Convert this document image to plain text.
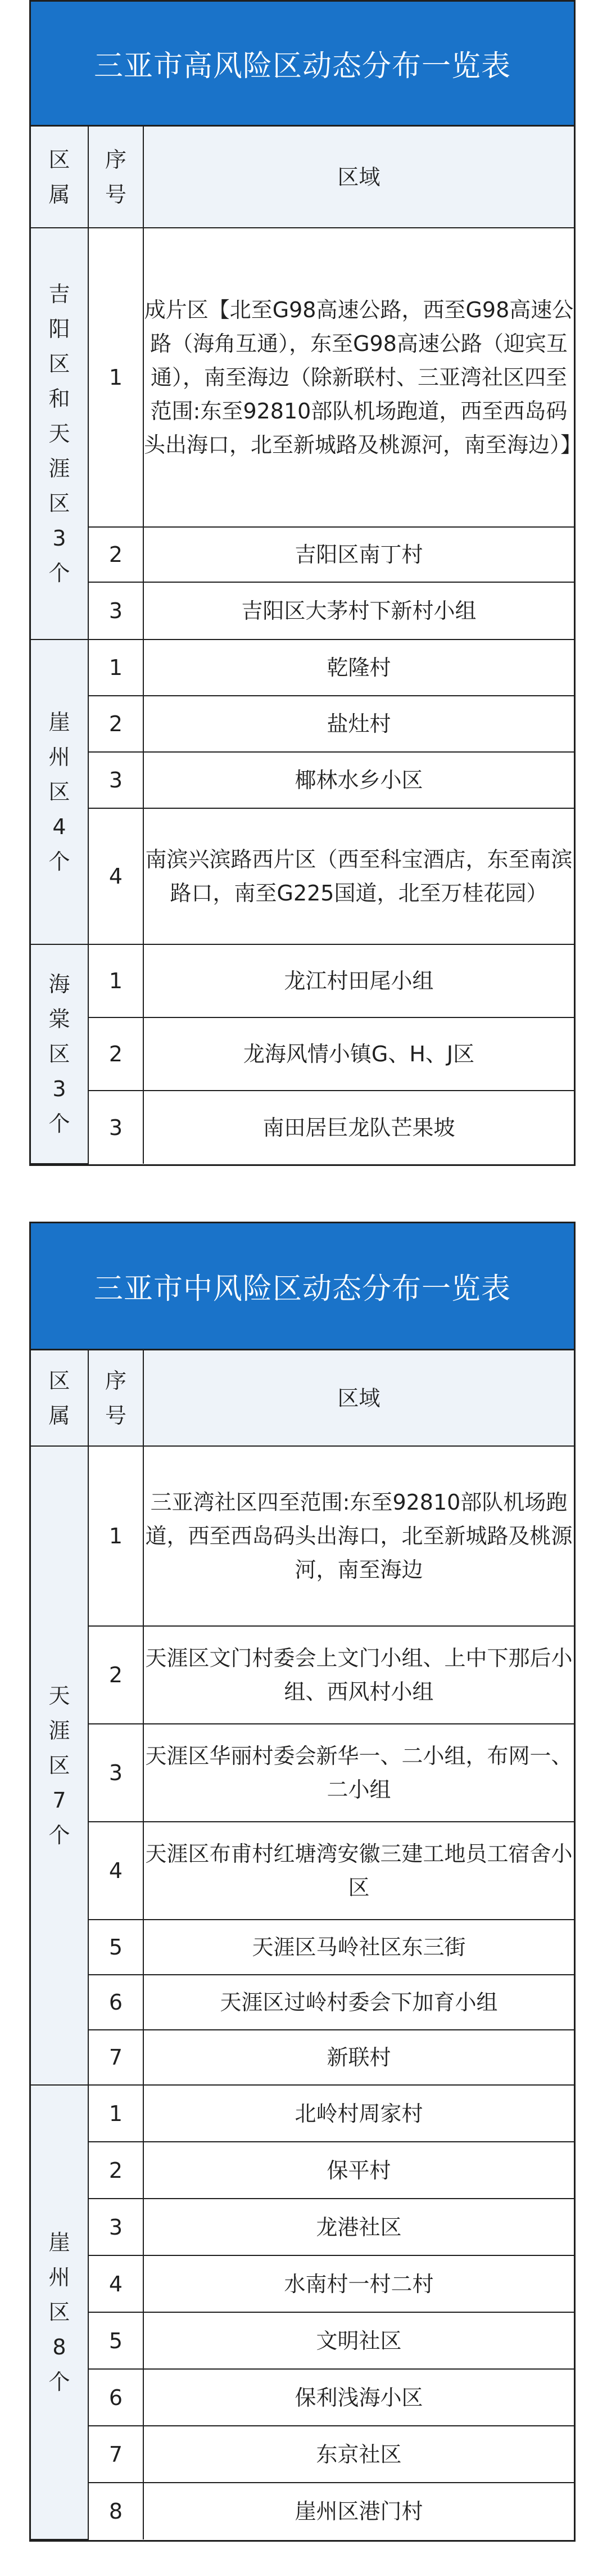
三亚市高风险区动态分布一览表
区属	序号	区域
吉阳区和天涯区3个	1	成片区【北至G98高速公路，西至G98高速公路（海角互通），东至G98高速公路（迎宾互通），南至海边（除新联村、三亚湾社区四至范围:东至92810部队机场跑道，西至西岛码头出海口，北至新城路及桃源河，南至海边）】
	2	吉阳区南丁村
	3	吉阳区大茅村下新村小组
崖州区4个	1	乾隆村
	2	盐灶村
	3	椰林水乡小区
	4	南滨兴滨路西片区（西至科宝酒店，东至南滨路口，南至G225国道，北至万桂花园）
海棠区3个	1	龙江村田尾小组
	2	龙海风情小镇G、H、J区
	3	南田居巨龙队芒果坡
三亚市中风险区动态分布一览表
区属	序号	区域
天涯区7个	1	三亚湾社区四至范围:东至92810部队机场跑道，西至西岛码头出海口，北至新城路及桃源河，南至海边
	2	天涯区文门村委会上文门小组、上中下那后小组、西风村小组
	3	天涯区华丽村委会新华一、二小组，布网一、二小组
	4	天涯区布甫村红塘湾安徽三建工地员工宿舍小区
	5	天涯区马岭社区东三街
	6	天涯区过岭村委会下加育小组
	7	新联村
崖州区8个	1	北岭村周家村
	2	保平村
	3	龙港社区
	4	水南村一村二村
	5	文明社区
	6	保利浅海小区
	7	东京社区
	8	崖州区港门村
